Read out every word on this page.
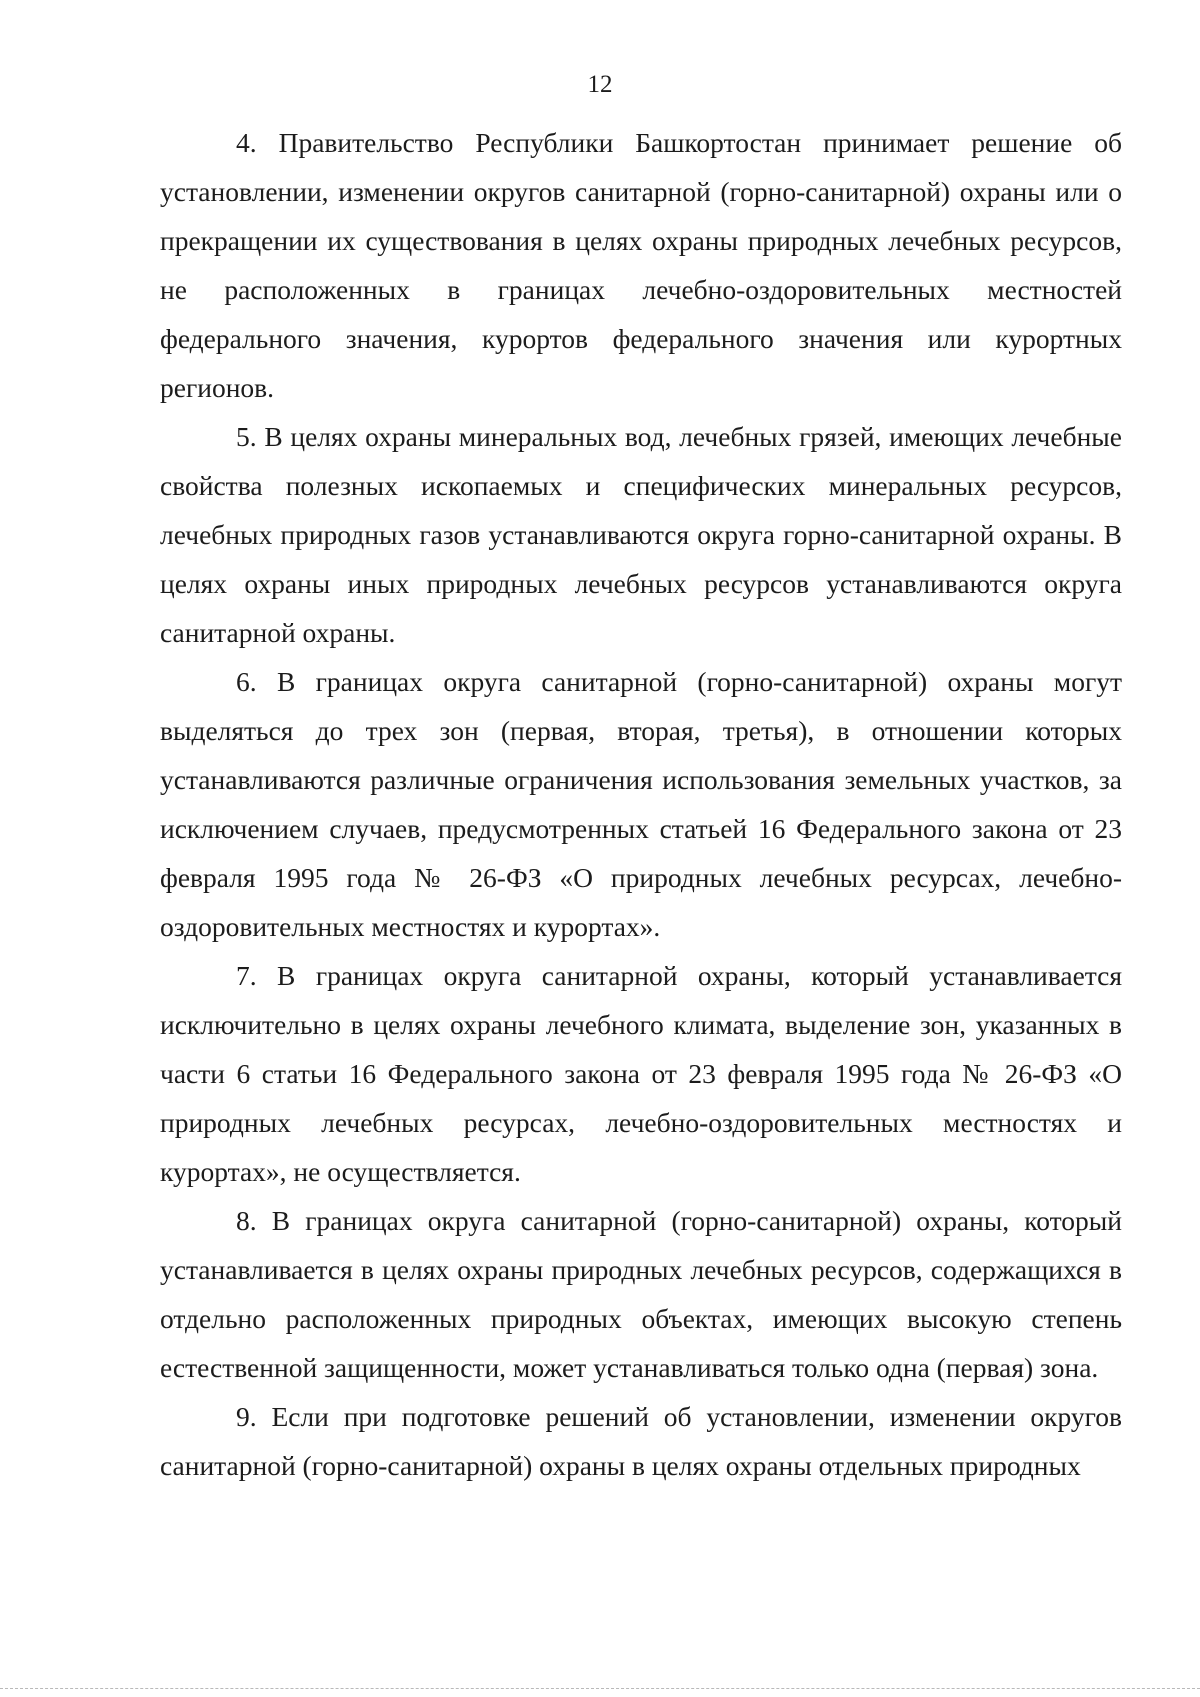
12

4. Правительство Республики Башкортостан принимает решение об установлении, изменении округов санитарной (горно-санитарной) охраны или о прекращении их существования в целях охраны природных лечебных ресурсов, не расположенных в границах лечебно-оздоровительных местностей федерального значения, курортов федерального значения или курортных регионов.

5. В целях охраны минеральных вод, лечебных грязей, имеющих лечебные свойства полезных ископаемых и специфических минеральных ресурсов, лечебных природных газов устанавливаются округа горно-санитарной охраны. В целях охраны иных природных лечебных ресурсов устанавливаются округа санитарной охраны.

6. В границах округа санитарной (горно-санитарной) охраны могут выделяться до трех зон (первая, вторая, третья), в отношении которых устанавливаются различные ограничения использования земельных участков, за исключением случаев, предусмотренных статьей 16 Федерального закона от 23 февраля 1995 года № 26-ФЗ «О природных лечебных ресурсах, лечебно-оздоровительных местностях и курортах».

7. В границах округа санитарной охраны, который устанавливается исключительно в целях охраны лечебного климата, выделение зон, указанных в части 6 статьи 16 Федерального закона от 23 февраля 1995 года № 26-ФЗ «О природных лечебных ресурсах, лечебно-оздоровительных местностях и курортах», не осуществляется.

8. В границах округа санитарной (горно-санитарной) охраны, который устанавливается в целях охраны природных лечебных ресурсов, содержащихся в отдельно расположенных природных объектах, имеющих высокую степень естественной защищенности, может устанавливаться только одна (первая) зона.

9. Если при подготовке решений об установлении, изменении округов санитарной (горно-санитарной) охраны в целях охраны отдельных природных
